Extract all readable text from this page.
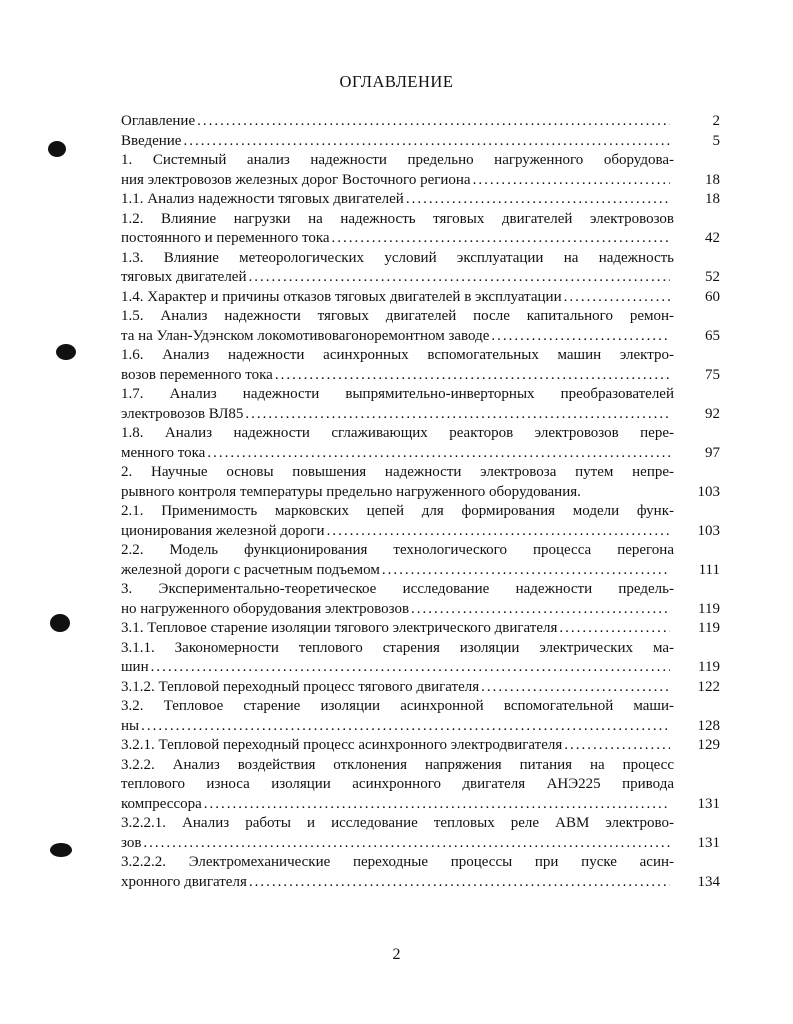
ОГЛАВЛЕНИЕ
Оглавление .....	2
Введение .....	5
1. Системный анализ надежности предельно нагруженного оборудова-
ния электровозов железных дорог Восточного региона .....	18
1.1. Анализ надежности тяговых двигателей .....	18
1.2. Влияние нагрузки на надежность тяговых двигателей электровозов
постоянного и переменного тока .....	42
1.3. Влияние метеорологических условий эксплуатации на надежность
тяговых двигателей .....	52
1.4. Характер и причины отказов тяговых двигателей в эксплуатации .....	60
1.5. Анализ надежности тяговых двигателей после капитального ремон-
та на Улан-Удэнском локомотивовагоноремонтном заводе .....	65
1.6. Анализ надежности асинхронных вспомогательных машин электро-
возов переменного тока .....	75
1.7. Анализ надежности выпрямительно-инверторных преобразователей
электровозов ВЛ85 .....	92
1.8. Анализ надежности сглаживающих реакторов электровозов пере-
менного тока .....	97
2. Научные основы повышения надежности электровоза путем непре-
рывного контроля температуры предельно нагруженного оборудования.	103
2.1. Применимость марковских цепей для формирования модели функ-
ционирования железной дороги .....	103
2.2. Модель функционирования технологического процесса перегона
железной дороги с расчетным подъемом .....	111
3. Экспериментально-теоретическое исследование надежности предель-
но нагруженного оборудования электровозов .....	119
3.1. Тепловое старение изоляции тягового электрического двигателя .....	119
3.1.1. Закономерности теплового старения изоляции электрических ма-
шин .....	119
3.1.2. Тепловой переходный процесс тягового двигателя .....	122
3.2. Тепловое старение изоляции асинхронной вспомогательной маши-
ны .....	128
3.2.1. Тепловой переходный процесс асинхронного электродвигателя .....	129
3.2.2. Анализ воздействия отклонения напряжения питания на процесс
теплового износа изоляции асинхронного двигателя АНЭ225 привода
компрессора .....	131
3.2.2.1. Анализ работы и исследование тепловых реле АВМ электрово-
зов .....	131
3.2.2.2. Электромеханические переходные процессы при пуске асин-
хронного двигателя .....	134
2
